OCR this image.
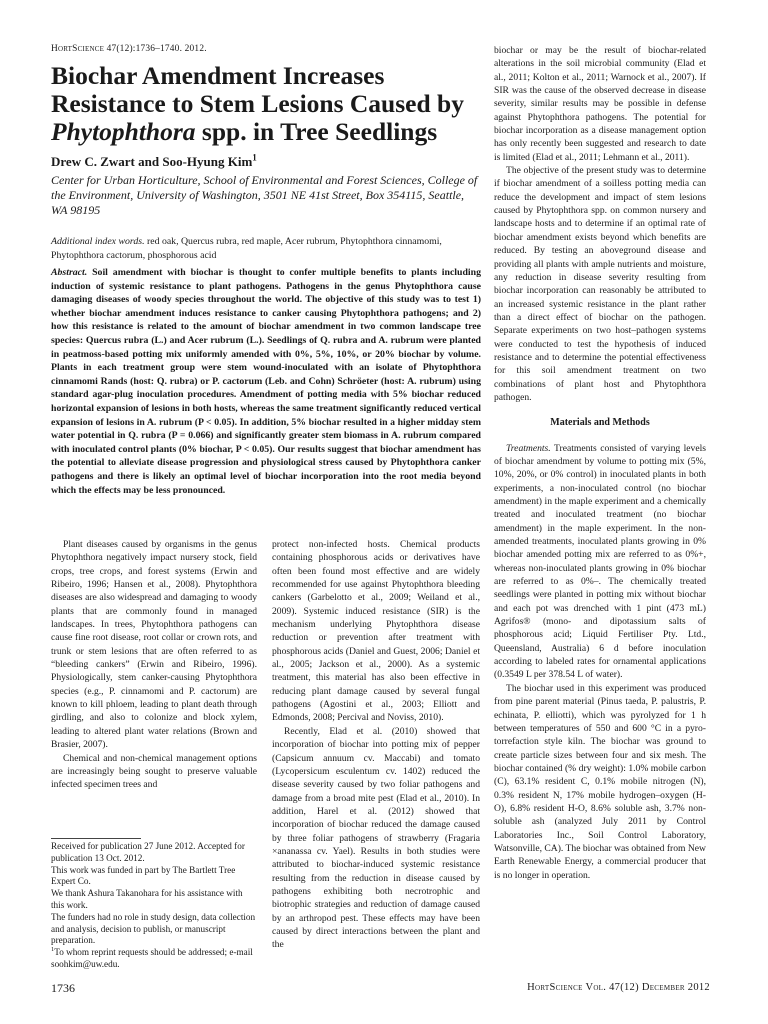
HortScience 47(12):1736–1740. 2012.
Biochar Amendment Increases
Resistance to Stem Lesions Caused by
Phytophthora spp. in Tree Seedlings
Drew C. Zwart and Soo-Hyung Kim$^1$
Center for Urban Horticulture, School of Environmental and Forest Sciences, College of the Environment, University of Washington, 3501 NE 41st Street, Box 354115, Seattle, WA 98195
Additional index words. red oak, Quercus rubra, red maple, Acer rubrum, Phytophthora cinnamomi, Phytophthora cactorum, phosphorous acid
Abstract. Soil amendment with biochar is thought to confer multiple benefits to plants including induction of systemic resistance to plant pathogens. Pathogens in the genus Phytophthora cause damaging diseases of woody species throughout the world. The objective of this study was to test 1) whether biochar amendment induces resistance to canker causing Phytophthora pathogens; and 2) how this resistance is related to the amount of biochar amendment in two common landscape tree species: Quercus rubra (L.) and Acer rubrum (L.). Seedlings of Q. rubra and A. rubrum were planted in peatmoss-based potting mix uniformly amended with 0%, 5%, 10%, or 20% biochar by volume. Plants in each treatment group were stem wound-inoculated with an isolate of Phytophthora cinnamomi Rands (host: Q. rubra) or P. cactorum (Leb. and Cohn) Schröeter (host: A. rubrum) using standard agar-plug inoculation procedures. Amendment of potting media with 5% biochar reduced horizontal expansion of lesions in both hosts, whereas the same treatment significantly reduced vertical expansion of lesions in A. rubrum (P < 0.05). In addition, 5% biochar resulted in a higher midday stem water potential in Q. rubra (P = 0.066) and significantly greater stem biomass in A. rubrum compared with inoculated control plants (0% biochar, P < 0.05). Our results suggest that biochar amendment has the potential to alleviate disease progression and physiological stress caused by Phytophthora canker pathogens and there is likely an optimal level of biochar incorporation into the root media beyond which the effects may be less pronounced.

Plant diseases caused by organisms in the genus Phytophthora negatively impact nursery stock, field crops, tree crops, and forest systems (Erwin and Ribeiro, 1996; Hansen et al., 2008). Phytophthora diseases are also widespread and damaging to woody plants that are commonly found in managed landscapes. In trees, Phytophthora pathogens can cause fine root disease, root collar or crown rots, and trunk or stem lesions that are often referred to as “bleeding cankers” (Erwin and Ribeiro, 1996). Physiologically, stem canker-causing Phytophthora species (e.g., P. cinnamomi and P. cactorum) are known to kill phloem, leading to plant death through girdling, and also to colonize and block xylem, leading to altered plant water relations (Brown and Brasier, 2007).

Chemical and non-chemical management options are increasingly being sought to preserve valuable infected specimen trees and

Received for publication 27 June 2012. Accepted for publication 13 Oct. 2012.

This work was funded in part by The Bartlett Tree Expert Co.

We thank Ashura Takanohara for his assistance with this work.

The funders had no role in study design, data collection and analysis, decision to publish, or manuscript preparation.

$^1$To whom reprint requests should be addressed; e-mail soohkim@uw.edu.

protect non-infected hosts. Chemical products containing phosphorous acids or derivatives have often been found most effective and are widely recommended for use against Phytophthora bleeding cankers (Garbelotto et al., 2009; Weiland et al., 2009). Systemic induced resistance (SIR) is the mechanism underlying Phytophthora disease reduction or prevention after treatment with phosphorous acids (Daniel and Guest, 2006; Daniel et al., 2005; Jackson et al., 2000). As a systemic treatment, this material has also been effective in reducing plant damage caused by several fungal pathogens (Agostini et al., 2003; Elliott and Edmonds, 2008; Percival and Noviss, 2010).

Recently, Elad et al. (2010) showed that incorporation of biochar into potting mix of pepper (Capsicum annuum cv. Maccabi) and tomato (Lycopersicum esculentum cv. 1402) reduced the disease severity caused by two foliar pathogens and damage from a broad mite pest (Elad et al., 2010). In addition, Harel et al. (2012) showed that incorporation of biochar reduced the damage caused by three foliar pathogens of strawberry (Fragaria ×ananassa cv. Yael). Results in both studies were attributed to biochar-induced systemic resistance resulting from the reduction in disease caused by pathogens exhibiting both necrotrophic and biotrophic strategies and reduction of damage caused by an arthropod pest. These effects may have been caused by direct interactions between the plant and the

biochar or may be the result of biochar-related alterations in the soil microbial community (Elad et al., 2011; Kolton et al., 2011; Warnock et al., 2007). If SIR was the cause of the observed decrease in disease severity, similar results may be possible in defense against Phytophthora pathogens. The potential for biochar incorporation as a disease management option has only recently been suggested and research to date is limited (Elad et al., 2011; Lehmann et al., 2011).

The objective of the present study was to determine if biochar amendment of a soilless potting media can reduce the development and impact of stem lesions caused by Phytophthora spp. on common nursery and landscape hosts and to determine if an optimal rate of biochar amendment exists beyond which benefits are reduced. By testing an aboveground disease and providing all plants with ample nutrients and moisture, any reduction in disease severity resulting from biochar incorporation can reasonably be attributed to an increased systemic resistance in the plant rather than a direct effect of biochar on the pathogen. Separate experiments on two host–pathogen systems were conducted to test the hypothesis of induced resistance and to determine the potential effectiveness for this soil amendment treatment on two combinations of plant host and Phytophthora pathogen.

Materials and Methods

Treatments. Treatments consisted of varying levels of biochar amendment by volume to potting mix (5%, 10%, 20%, or 0% control) in inoculated plants in both experiments, a non-inoculated control (no biochar amendment) in the maple experiment and a chemically treated and inoculated treatment (no biochar amendment) in the maple experiment. In the non-amended treatments, inoculated plants growing in 0% biochar amended potting mix are referred to as 0%+, whereas non-inoculated plants growing in 0% biochar are referred to as 0%–. The chemically treated seedlings were planted in potting mix without biochar and each pot was drenched with 1 pint (473 mL) Agrifos® (mono- and dipotassium salts of phosphorous acid; Liquid Fertiliser Pty. Ltd., Queensland, Australia) 6 d before inoculation according to labeled rates for ornamental applications (0.3549 L per 378.54 L of water).

The biochar used in this experiment was produced from pine parent material (Pinus taeda, P. palustris, P. echinata, P. elliotti), which was pyrolyzed for 1 h between temperatures of 550 and 600 °C in a pyro-torrefaction style kiln. The biochar was ground to create particle sizes between four and six mesh. The biochar contained (% dry weight): 1.0% mobile carbon (C), 63.1% resident C, 0.1% mobile nitrogen (N), 0.3% resident N, 17% mobile hydrogen–oxygen (H-O), 6.8% resident H-O, 8.6% soluble ash, 3.7% non-soluble ash (analyzed July 2011 by Control Laboratories Inc., Soil Control Laboratory, Watsonville, CA). The biochar was obtained from New Earth Renewable Energy, a commercial producer that is no longer in operation.

1736	HortScience Vol. 47(12) December 2012
